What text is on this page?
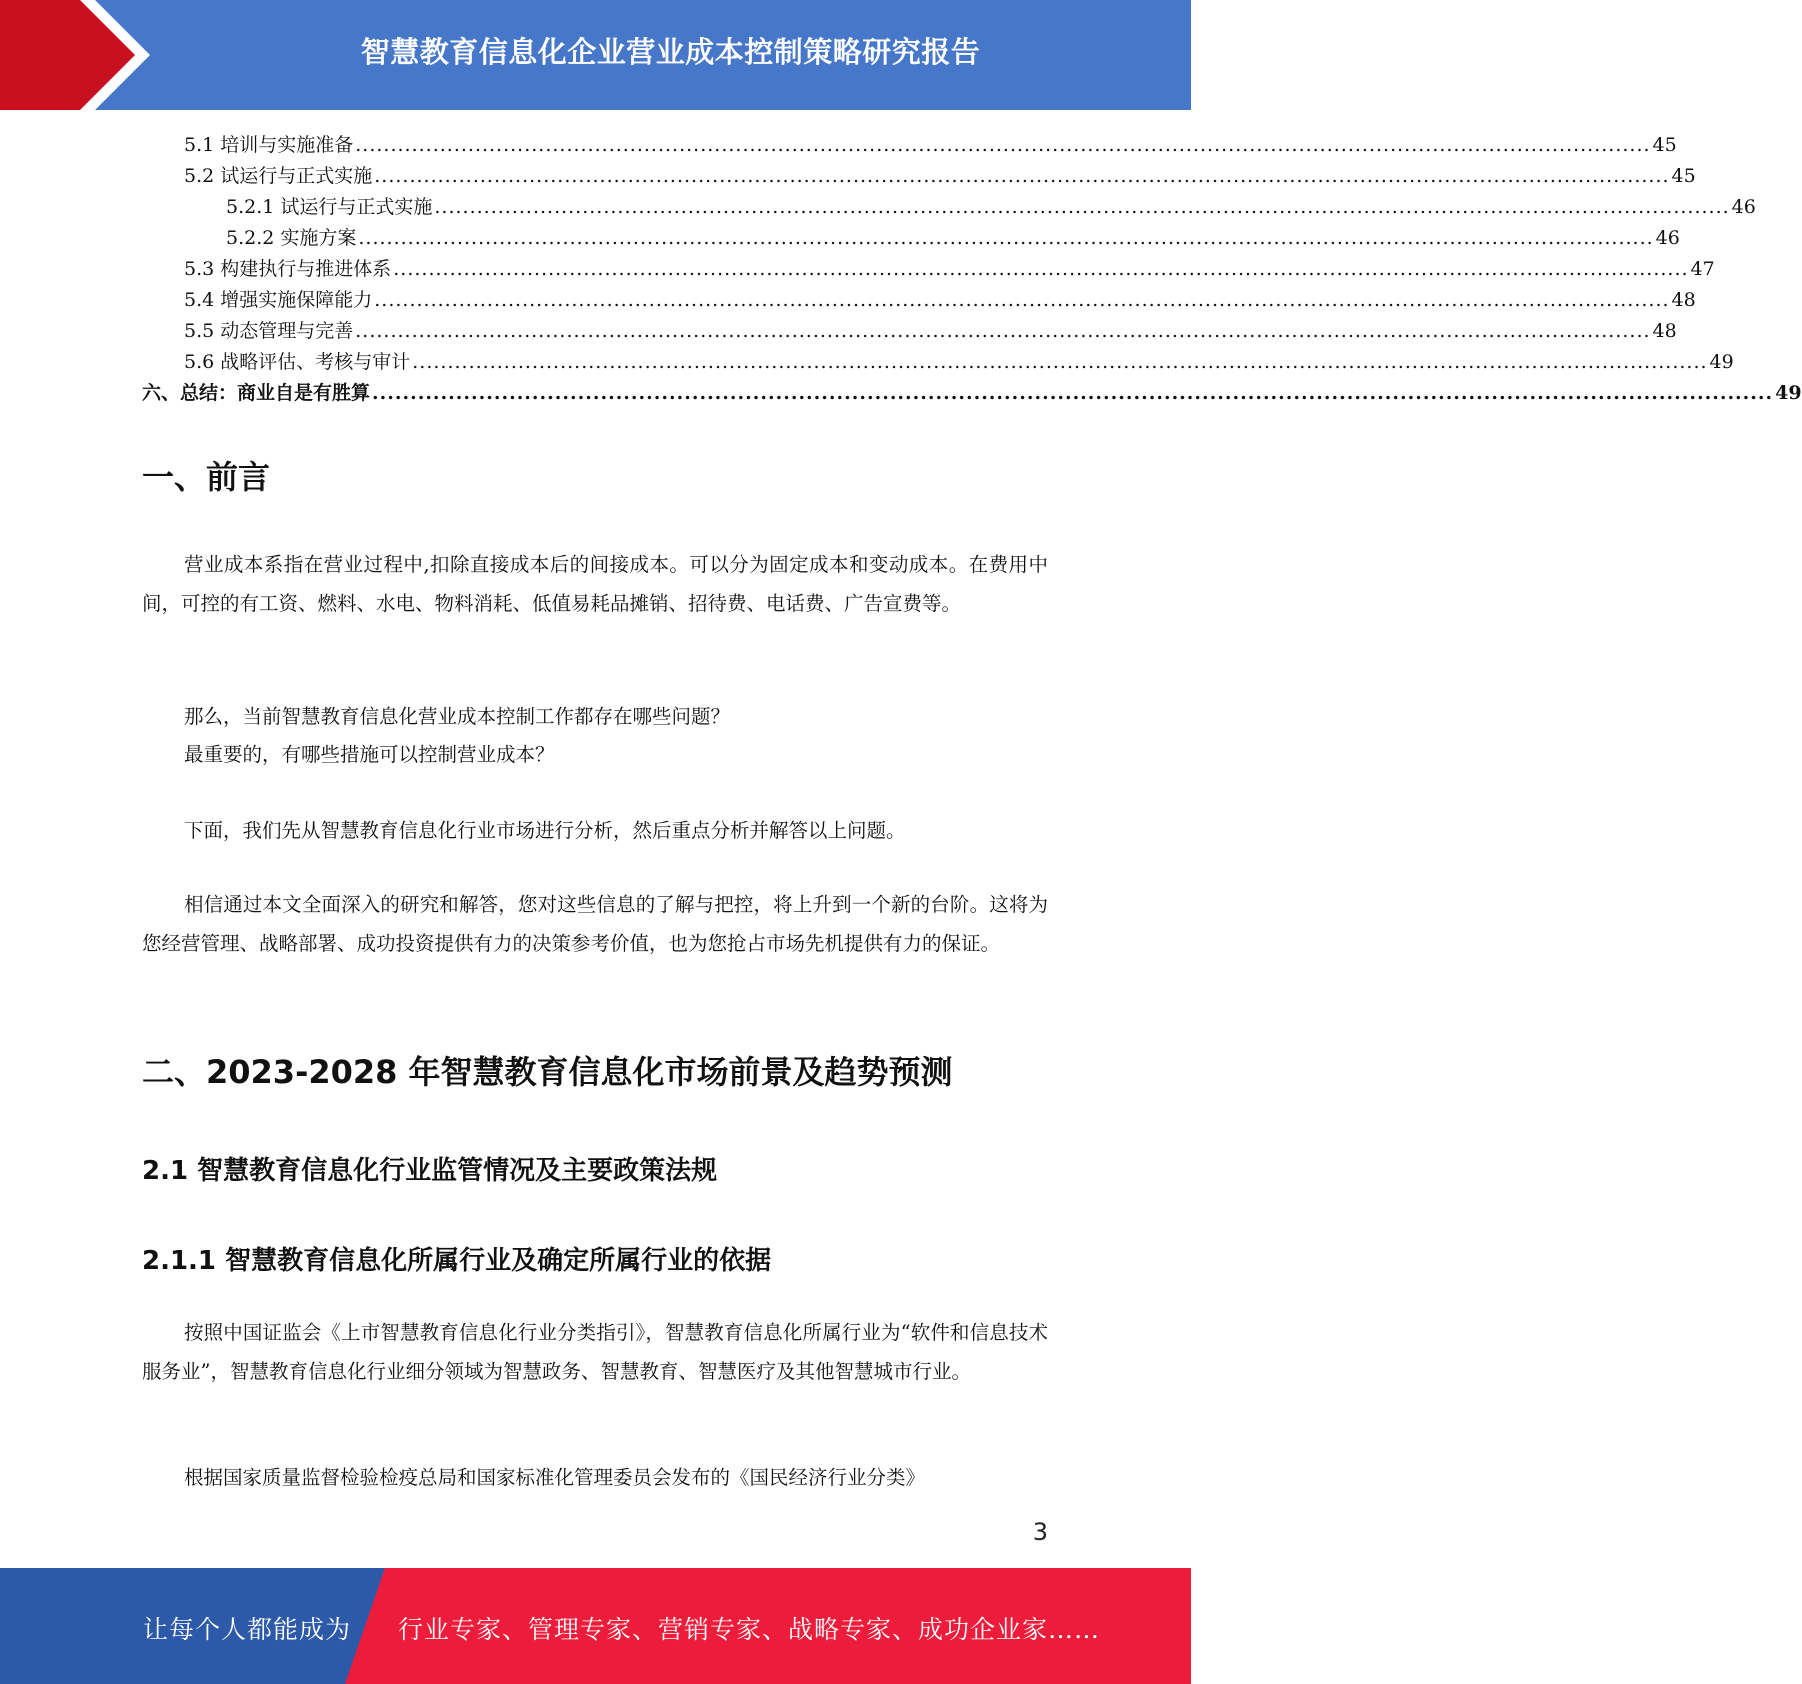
智慧教育信息化企业营业成本控制策略研究报告
5.1 培训与实施准备 ........................................................................................................................................................................................ 45
5.2 试运行与正式实施 ........................................................................................................................................................................................ 45
5.2.1 试运行与正式实施 ........................................................................................................................................................................................ 46
5.2.2 实施方案 ........................................................................................................................................................................................ 46
5.3 构建执行与推进体系 ........................................................................................................................................................................................ 47
5.4 增强实施保障能力 ........................................................................................................................................................................................ 48
5.5 动态管理与完善 ........................................................................................................................................................................................ 48
5.6 战略评估、考核与审计 ........................................................................................................................................................................................ 49
六、总结：商业自是有胜算 ........................................................................................................................................................................................ 49
一、前言
营业成本系指在营业过程中,扣除直接成本后的间接成本。可以分为固定成本和变动成本。在费用中间，可控的有工资、燃料、水电、物料消耗、低值易耗品摊销、招待费、电话费、广告宣费等。
那么，当前智慧教育信息化营业成本控制工作都存在哪些问题？
最重要的，有哪些措施可以控制营业成本？
下面，我们先从智慧教育信息化行业市场进行分析，然后重点分析并解答以上问题。
相信通过本文全面深入的研究和解答，您对这些信息的了解与把控，将上升到一个新的台阶。这将为您经营管理、战略部署、成功投资提供有力的决策参考价值，也为您抢占市场先机提供有力的保证。
二、2023-2028 年智慧教育信息化市场前景及趋势预测
2.1 智慧教育信息化行业监管情况及主要政策法规
2.1.1 智慧教育信息化所属行业及确定所属行业的依据
按照中国证监会《上市智慧教育信息化行业分类指引》，智慧教育信息化所属行业为“软件和信息技术服务业”，智慧教育信息化行业细分领域为智慧政务、智慧教育、智慧医疗及其他智慧城市行业。
根据国家质量监督检验检疫总局和国家标准化管理委员会发布的《国民经济行业分类》
3
让每个人都能成为 行业专家、管理专家、营销专家、战略专家、成功企业家……
